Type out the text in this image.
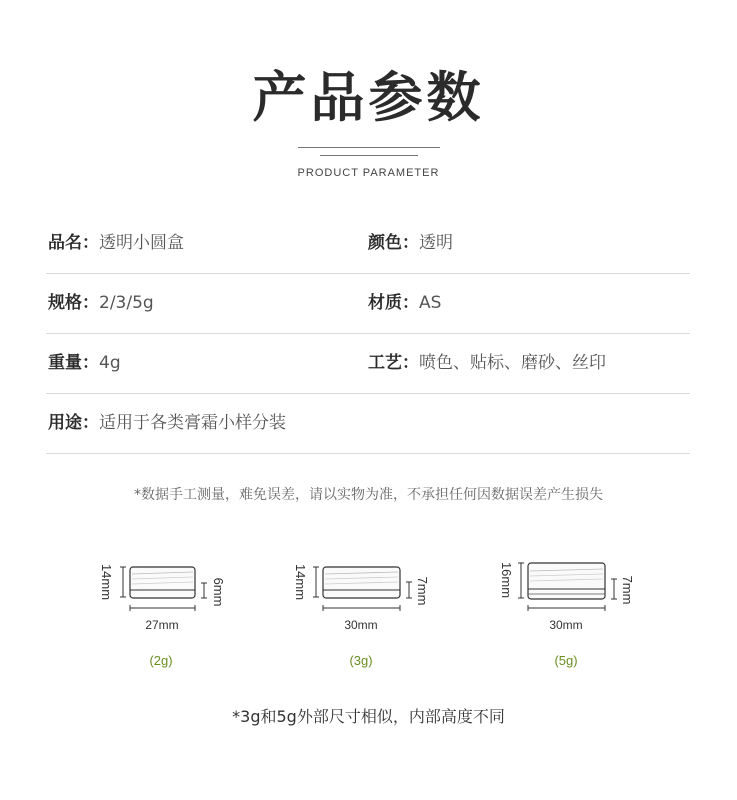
产品参数
PRODUCT PARAMETER
品名：透明小圆盒	颜色：透明
规格：2/3/5g	材质：AS
重量：4g	工艺：喷色、贴标、磨砂、丝印
用途：适用于各类膏霜小样分装
*数据手工测量，难免误差，请以实物为准，不承担任何因数据误差产生损失
14mm	6mm
27mm
(2g)
14mm	7mm
30mm
(3g)
16mm	7mm
30mm
(5g)
*3g和5g外部尺寸相似，内部高度不同
